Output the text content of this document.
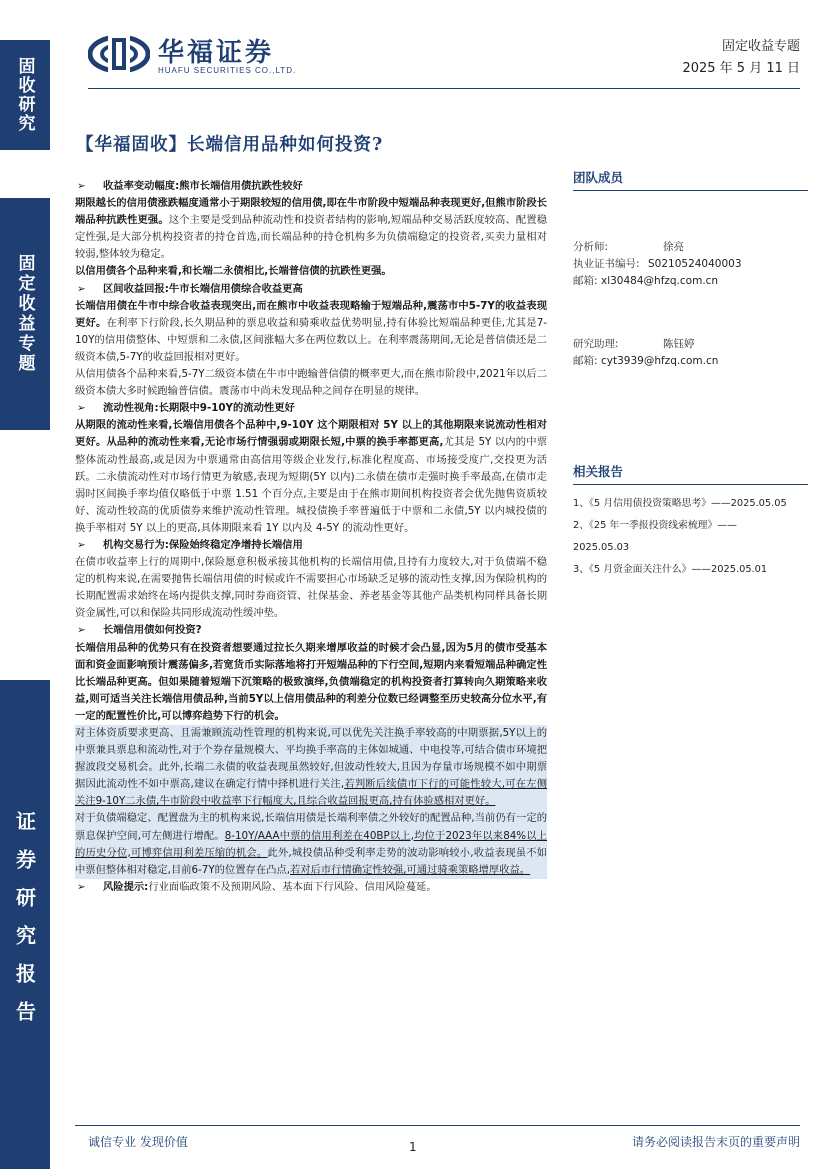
固收研究
固定收益专题
证券研究报告
华福证券
HUAFU SECURITIES CO.,LTD.
固定收益专题
2025 年 5 月 11 日
【华福固收】长端信用品种如何投资?
➢	收益率变动幅度:熊市长端信用债抗跌性较好
期限越长的信用债涨跌幅度通常小于期限较短的信用债,即在牛市阶段中短端品种表现更好,但熊市阶段长端品种抗跌性更强。这个主要是受到品种流动性和投资者结构的影响,短端品种交易活跃度较高、配置稳定性强,是大部分机构投资者的持仓首选,而长端品种的持仓机构多为负债端稳定的投资者,买卖力量相对较弱,整体较为稳定。
以信用债各个品种来看,和长端二永债相比,长端普信债的抗跌性更强。
➢	区间收益回报:牛市长端信用债综合收益更高
长端信用债在牛市中综合收益表现突出,而在熊市中收益表现略输于短端品种,震荡市中5-7Y的收益表现更好。在利率下行阶段,长久期品种的票息收益和骑乘收益优势明显,持有体验比短端品种更佳,尤其是7-10Y的信用债整体、中短票和二永债,区间涨幅大多在两位数以上。在利率震荡期间,无论是普信债还是二级资本债,5-7Y的收益回报相对更好。
从信用债各个品种来看,5-7Y二级资本债在牛市中跑输普信债的概率更大,而在熊市阶段中,2021年以后二级资本债大多时候跑输普信债。震荡市中尚未发现品种之间存在明显的规律。
➢	流动性视角:长期限中9-10Y的流动性更好
从期限的流动性来看,长端信用债各个品种中,9-10Y 这个期限相对 5Y 以上的其他期限来说流动性相对更好。从品种的流动性来看,无论市场行情强弱或期限长短,中票的换手率都更高,尤其是 5Y 以内的中票整体流动性最高,或是因为中票通常由高信用等级企业发行,标准化程度高、市场接受度广,交投更为活跃。二永债流动性对市场行情更为敏感,表现为短期(5Y 以内)二永债在债市走强时换手率最高,在债市走弱时区间换手率均值仅略低于中票 1.51 个百分点,主要是由于在熊市期间机构投资者会优先抛售资质较好、流动性较高的优质债券来维护流动性管理。城投债换手率普遍低于中票和二永债,5Y 以内城投债的换手率相对 5Y 以上的更高,具体期限来看 1Y 以内及 4-5Y 的流动性更好。
➢	机构交易行为:保险始终稳定净增持长端信用
在债市收益率上行的周期中,保险愿意积极承接其他机构的长端信用债,且持有力度较大,对于负债端不稳定的机构来说,在需要抛售长端信用债的时候或许不需要担心市场缺乏足够的流动性支撑,因为保险机构的长期配置需求始终在场内提供支撑,同时券商资管、社保基金、养老基金等其他产品类机构同样具备长期资金属性,可以和保险共同形成流动性缓冲垫。
➢	长端信用债如何投资?
长端信用品种的优势只有在投资者想要通过拉长久期来增厚收益的时候才会凸显,因为5月的债市受基本面和资金面影响预计震荡偏多,若宽货币实际落地将打开短端品种的下行空间,短期内来看短端品种确定性比长端品种更高。但如果随着短端下沉策略的极致演绎,负债端稳定的机构投资者打算转向久期策略来收益,则可适当关注长端信用债品种,当前5Y以上信用债品种的利差分位数已经调整至历史较高分位水平,有一定的配置性价比,可以博弈趋势下行的机会。
对主体资质要求更高、且需兼顾流动性管理的机构来说,可以优先关注换手率较高的中期票据,5Y以上的中票兼具票息和流动性,对于个券存量规模大、平均换手率高的主体如城通、中电投等,可结合债市环境把握波段交易机会。此外,长端二永债的收益表现虽然较好,但波动性较大,且因为存量市场规模不如中期票据因此流动性不如中票高,建议在确定行情中择机进行关注,若判断后续债市下行的可能性较大,可在左侧关注9-10Y二永债,牛市阶段中收益率下行幅度大,且综合收益回报更高,持有体验感相对更好。
对于负债端稳定、配置盘为主的机构来说,长端信用债是长端利率债之外较好的配置品种,当前仍有一定的票息保护空间,可左侧进行增配。8-10Y/AAA中票的信用利差在40BP以上,均位于2023年以来84%以上的历史分位,可博弈信用利差压缩的机会。此外,城投债品种受利率走势的波动影响较小,收益表现虽不如中票但整体相对稳定,目前6-7Y的位置存在凸点,若对后市行情确定性较强,可通过骑乘策略增厚收益。
➢	风险提示:行业面临政策不及预期风险、基本面下行风险、信用风险蔓延。
团队成员
分析师:	徐亮
执业证书编号: S0210524040003
邮箱: xl30484@hfzq.com.cn
研究助理:	陈钰婷
邮箱: cyt3939@hfzq.com.cn
相关报告
1、《5 月信用债投资策略思考》——2025.05.05
2、《25 年一季报投资线索梳理》——
2025.05.03
3、《5 月资金面关注什么》——2025.05.01
诚信专业 发现价值	1	请务必阅读报告末页的重要声明
